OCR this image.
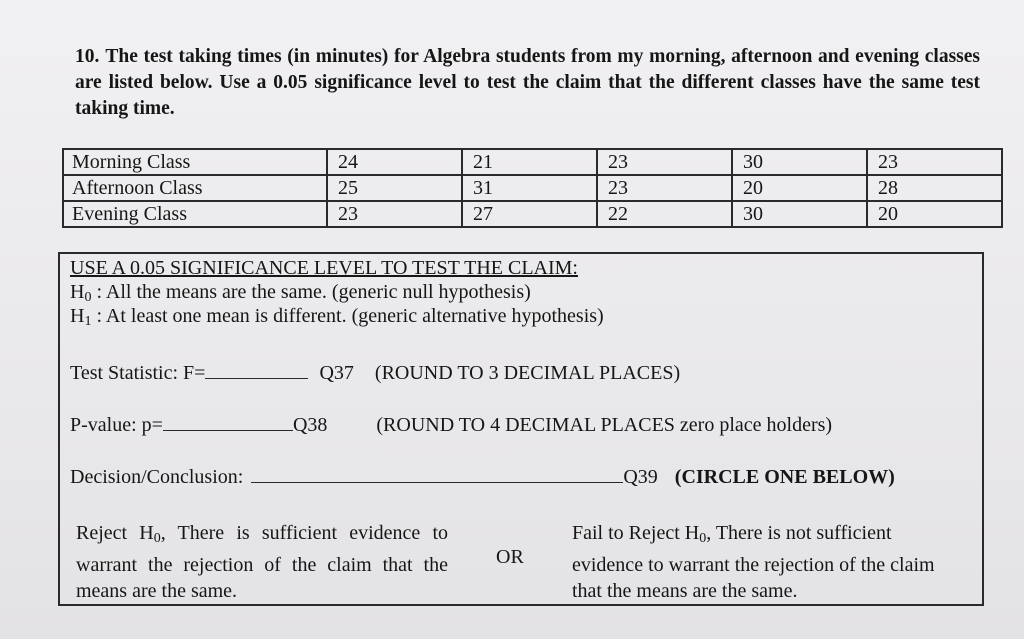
10. The test taking times (in minutes) for Algebra students from my morning, afternoon and evening classes are listed below. Use a 0.05 significance level to test the claim that the different classes have the same test taking time.
Morning Class		24	21	23	30	23
Afternoon Class		25	31	23	20	28
Evening Class		23	27	22	30	20
USE A 0.05 SIGNIFICANCE LEVEL TO TEST THE CLAIM:
$H_0$ : All the means are the same. (generic null hypothesis)
$H_1$ : At least one mean is different. (generic alternative hypothesis)
Test Statistic: F=	Q37 (ROUND TO 3 DECIMAL PLACES)
P-value: p=	Q38 (ROUND TO 4 DECIMAL PLACES zero place holders)
Decision/Conclusion:	Q39 (CIRCLE ONE BELOW)
Reject $H_0$, There is sufficient evidence to warrant the rejection of the claim that the means are the same.
OR
Fail to Reject $H_0$, There is not sufficient evidence to warrant the rejection of the claim that the means are the same.
